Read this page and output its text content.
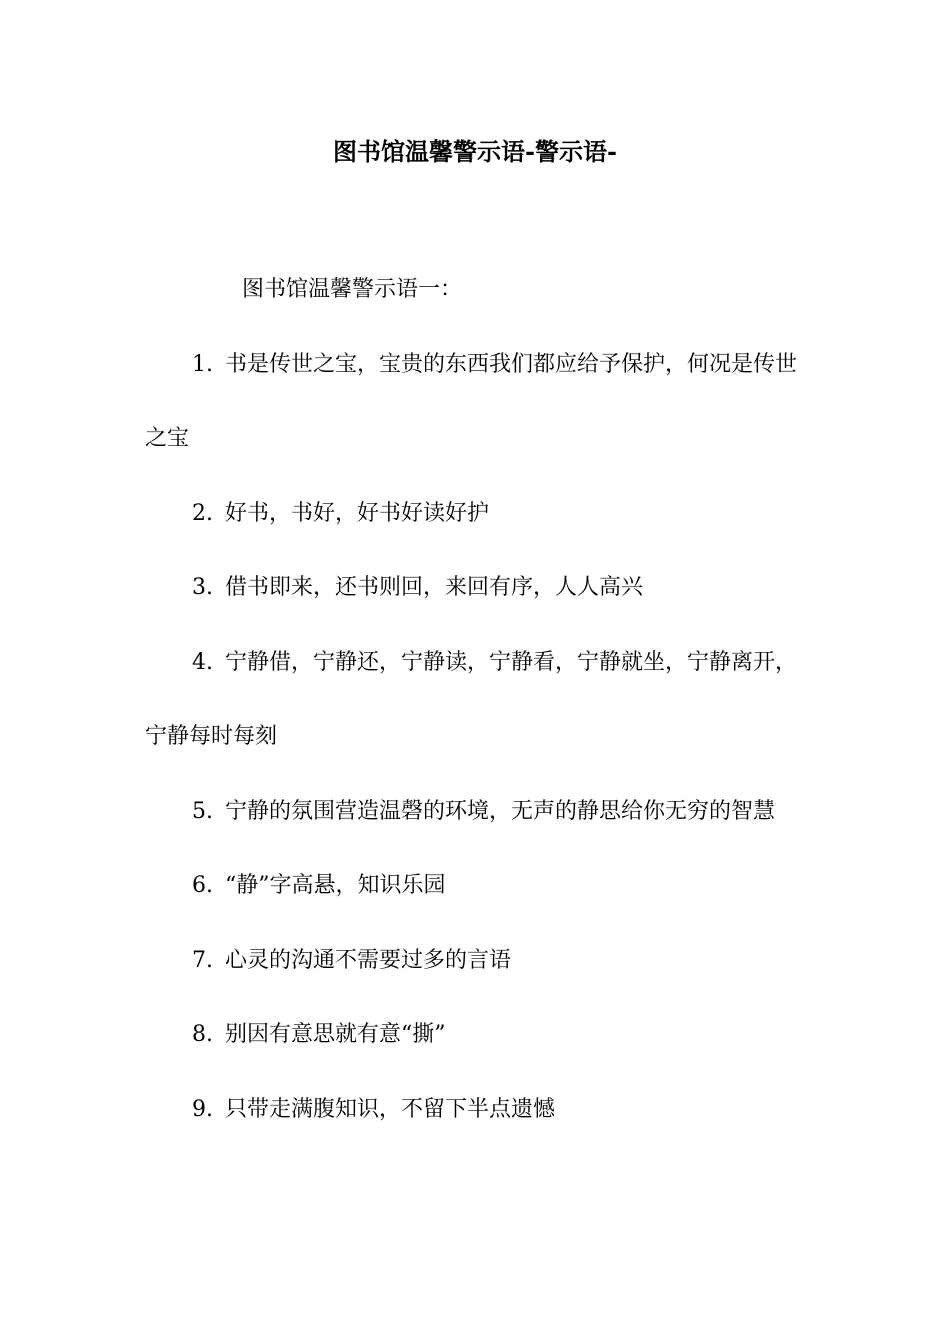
图书馆温馨警示语-警示语-

图书馆温馨警示语一：

1. 书是传世之宝，宝贵的东西我们都应给予保护，何况是传世之宝

2. 好书，书好，好书好读好护

3. 借书即来，还书则回，来回有序，人人高兴

4. 宁静借，宁静还，宁静读，宁静看，宁静就坐，宁静离开，宁静每时每刻

5. 宁静的氛围营造温磬的环境，无声的静思给你无穷的智慧

6. “静”字高悬，知识乐园

7. 心灵的沟通不需要过多的言语

8. 别因有意思就有意“撕”

9. 只带走满腹知识，不留下半点遗憾
